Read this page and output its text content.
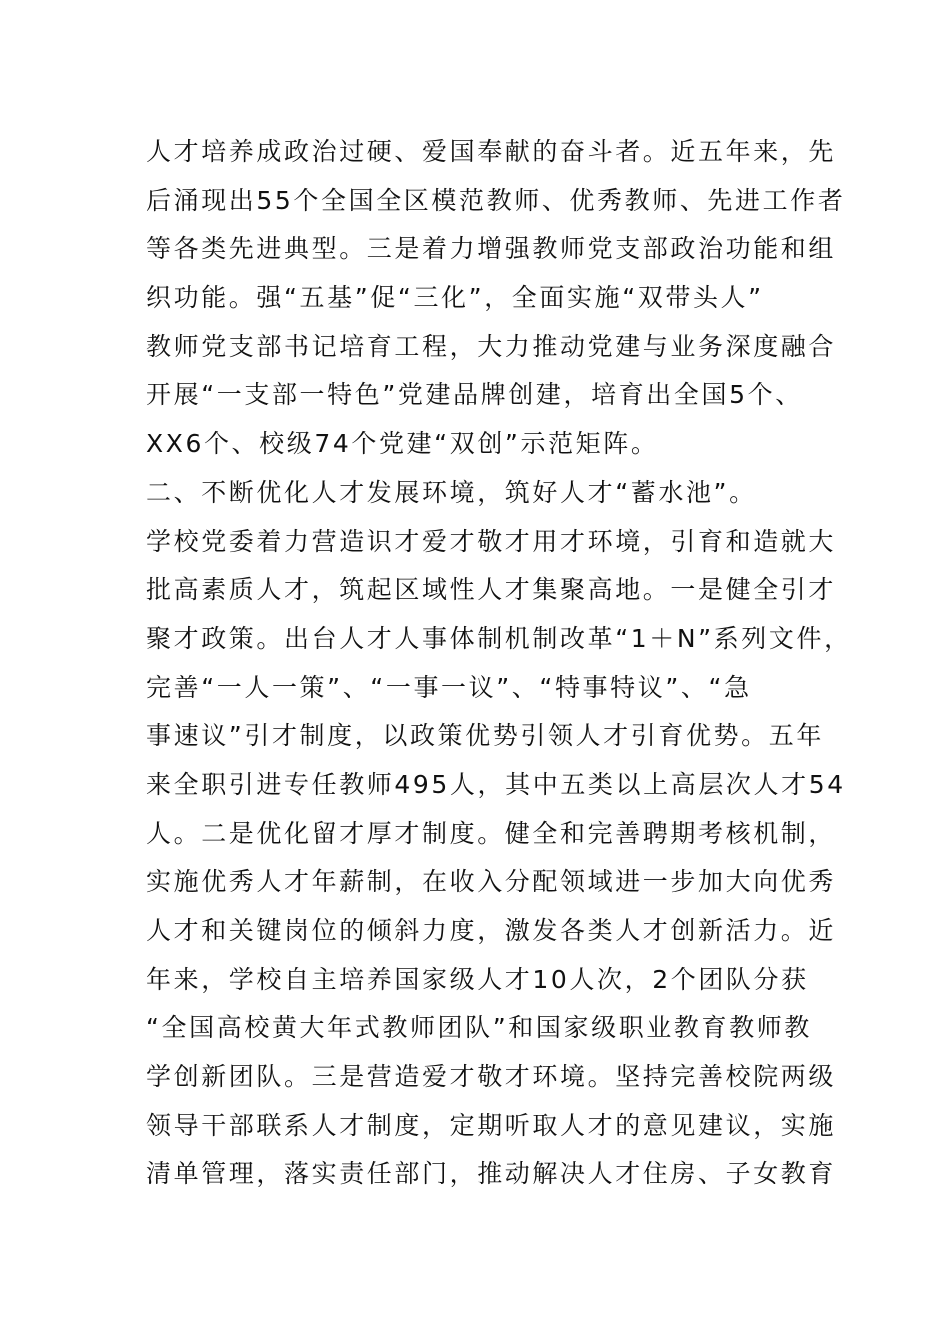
人才培养成政治过硬、爱国奉献的奋斗者。近五年来，先
后涌现出55个全国全区模范教师、优秀教师、先进工作者
等各类先进典型。三是着力增强教师党支部政治功能和组
织功能。强“五基”促“三化”，全面实施“双带头人”
教师党支部书记培育工程，大力推动党建与业务深度融合
开展“一支部一特色”党建品牌创建，培育出全国5个、
XX6个、校级74个党建“双创”示范矩阵。
二、不断优化人才发展环境，筑好人才“蓄水池”。
学校党委着力营造识才爱才敬才用才环境，引育和造就大
批高素质人才，筑起区域性人才集聚高地。一是健全引才
聚才政策。出台人才人事体制机制改革“1＋N”系列文件，
完善“一人一策”、“一事一议”、“特事特议”、“急
事速议”引才制度，以政策优势引领人才引育优势。五年
来全职引进专任教师495人，其中五类以上高层次人才54
人。二是优化留才厚才制度。健全和完善聘期考核机制，
实施优秀人才年薪制，在收入分配领域进一步加大向优秀
人才和关键岗位的倾斜力度，激发各类人才创新活力。近
年来，学校自主培养国家级人才10人次，2个团队分获
“全国高校黄大年式教师团队”和国家级职业教育教师教
学创新团队。三是营造爱才敬才环境。坚持完善校院两级
领导干部联系人才制度，定期听取人才的意见建议，实施
清单管理，落实责任部门，推动解决人才住房、子女教育
